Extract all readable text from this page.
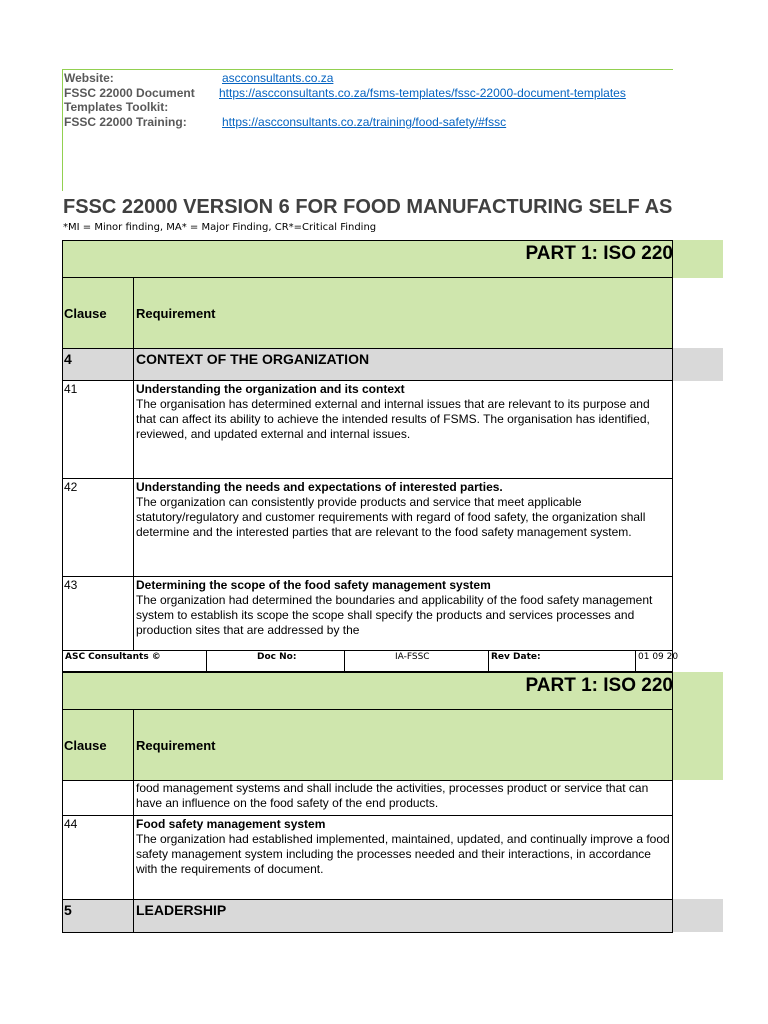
Website:	ascconsultants.co.za
FSSC 22000 Document https://ascconsultants.co.za/fsms-templates/fssc-22000-document-templates
Templates Toolkit:
FSSC 22000 Training:	https://ascconsultants.co.za/training/food-safety/#fssc
FSSC 22000 VERSION 6 FOR FOOD MANUFACTURING SELF AS
*MI = Minor finding, MA* = Major Finding, CR*=Critical Finding
PART 1: ISO 220
Clause Requirement
4	CONTEXT OF THE ORGANIZATION
41	Understanding the organization and its context
The organisation has determined external and internal issues that are relevant to its purpose and that can affect its ability to achieve the intended results of FSMS. The organisation has identified, reviewed, and updated external and internal issues.
42	Understanding the needs and expectations of interested parties.
The organization can consistently provide products and service that meet applicable statutory/regulatory and customer requirements with regard of food safety, the organization shall determine and the interested parties that are relevant to the food safety management system.
43	Determining the scope of the food safety management system
The organization had determined the boundaries and applicability of the food safety management system to establish its scope the scope shall specify the products and services processes and production sites that are addressed by the
ASC Consultants ©	Doc No:	IA-FSSC	Rev Date:	01 09 20
PART 1: ISO 220
Clause Requirement
food management systems and shall include the activities, processes product or service that can have an influence on the food safety of the end products.
44	Food safety management system
The organization had established implemented, maintained, updated, and continually improve a food safety management system including the processes needed and their interactions, in accordance with the requirements of document.
5	LEADERSHIP
